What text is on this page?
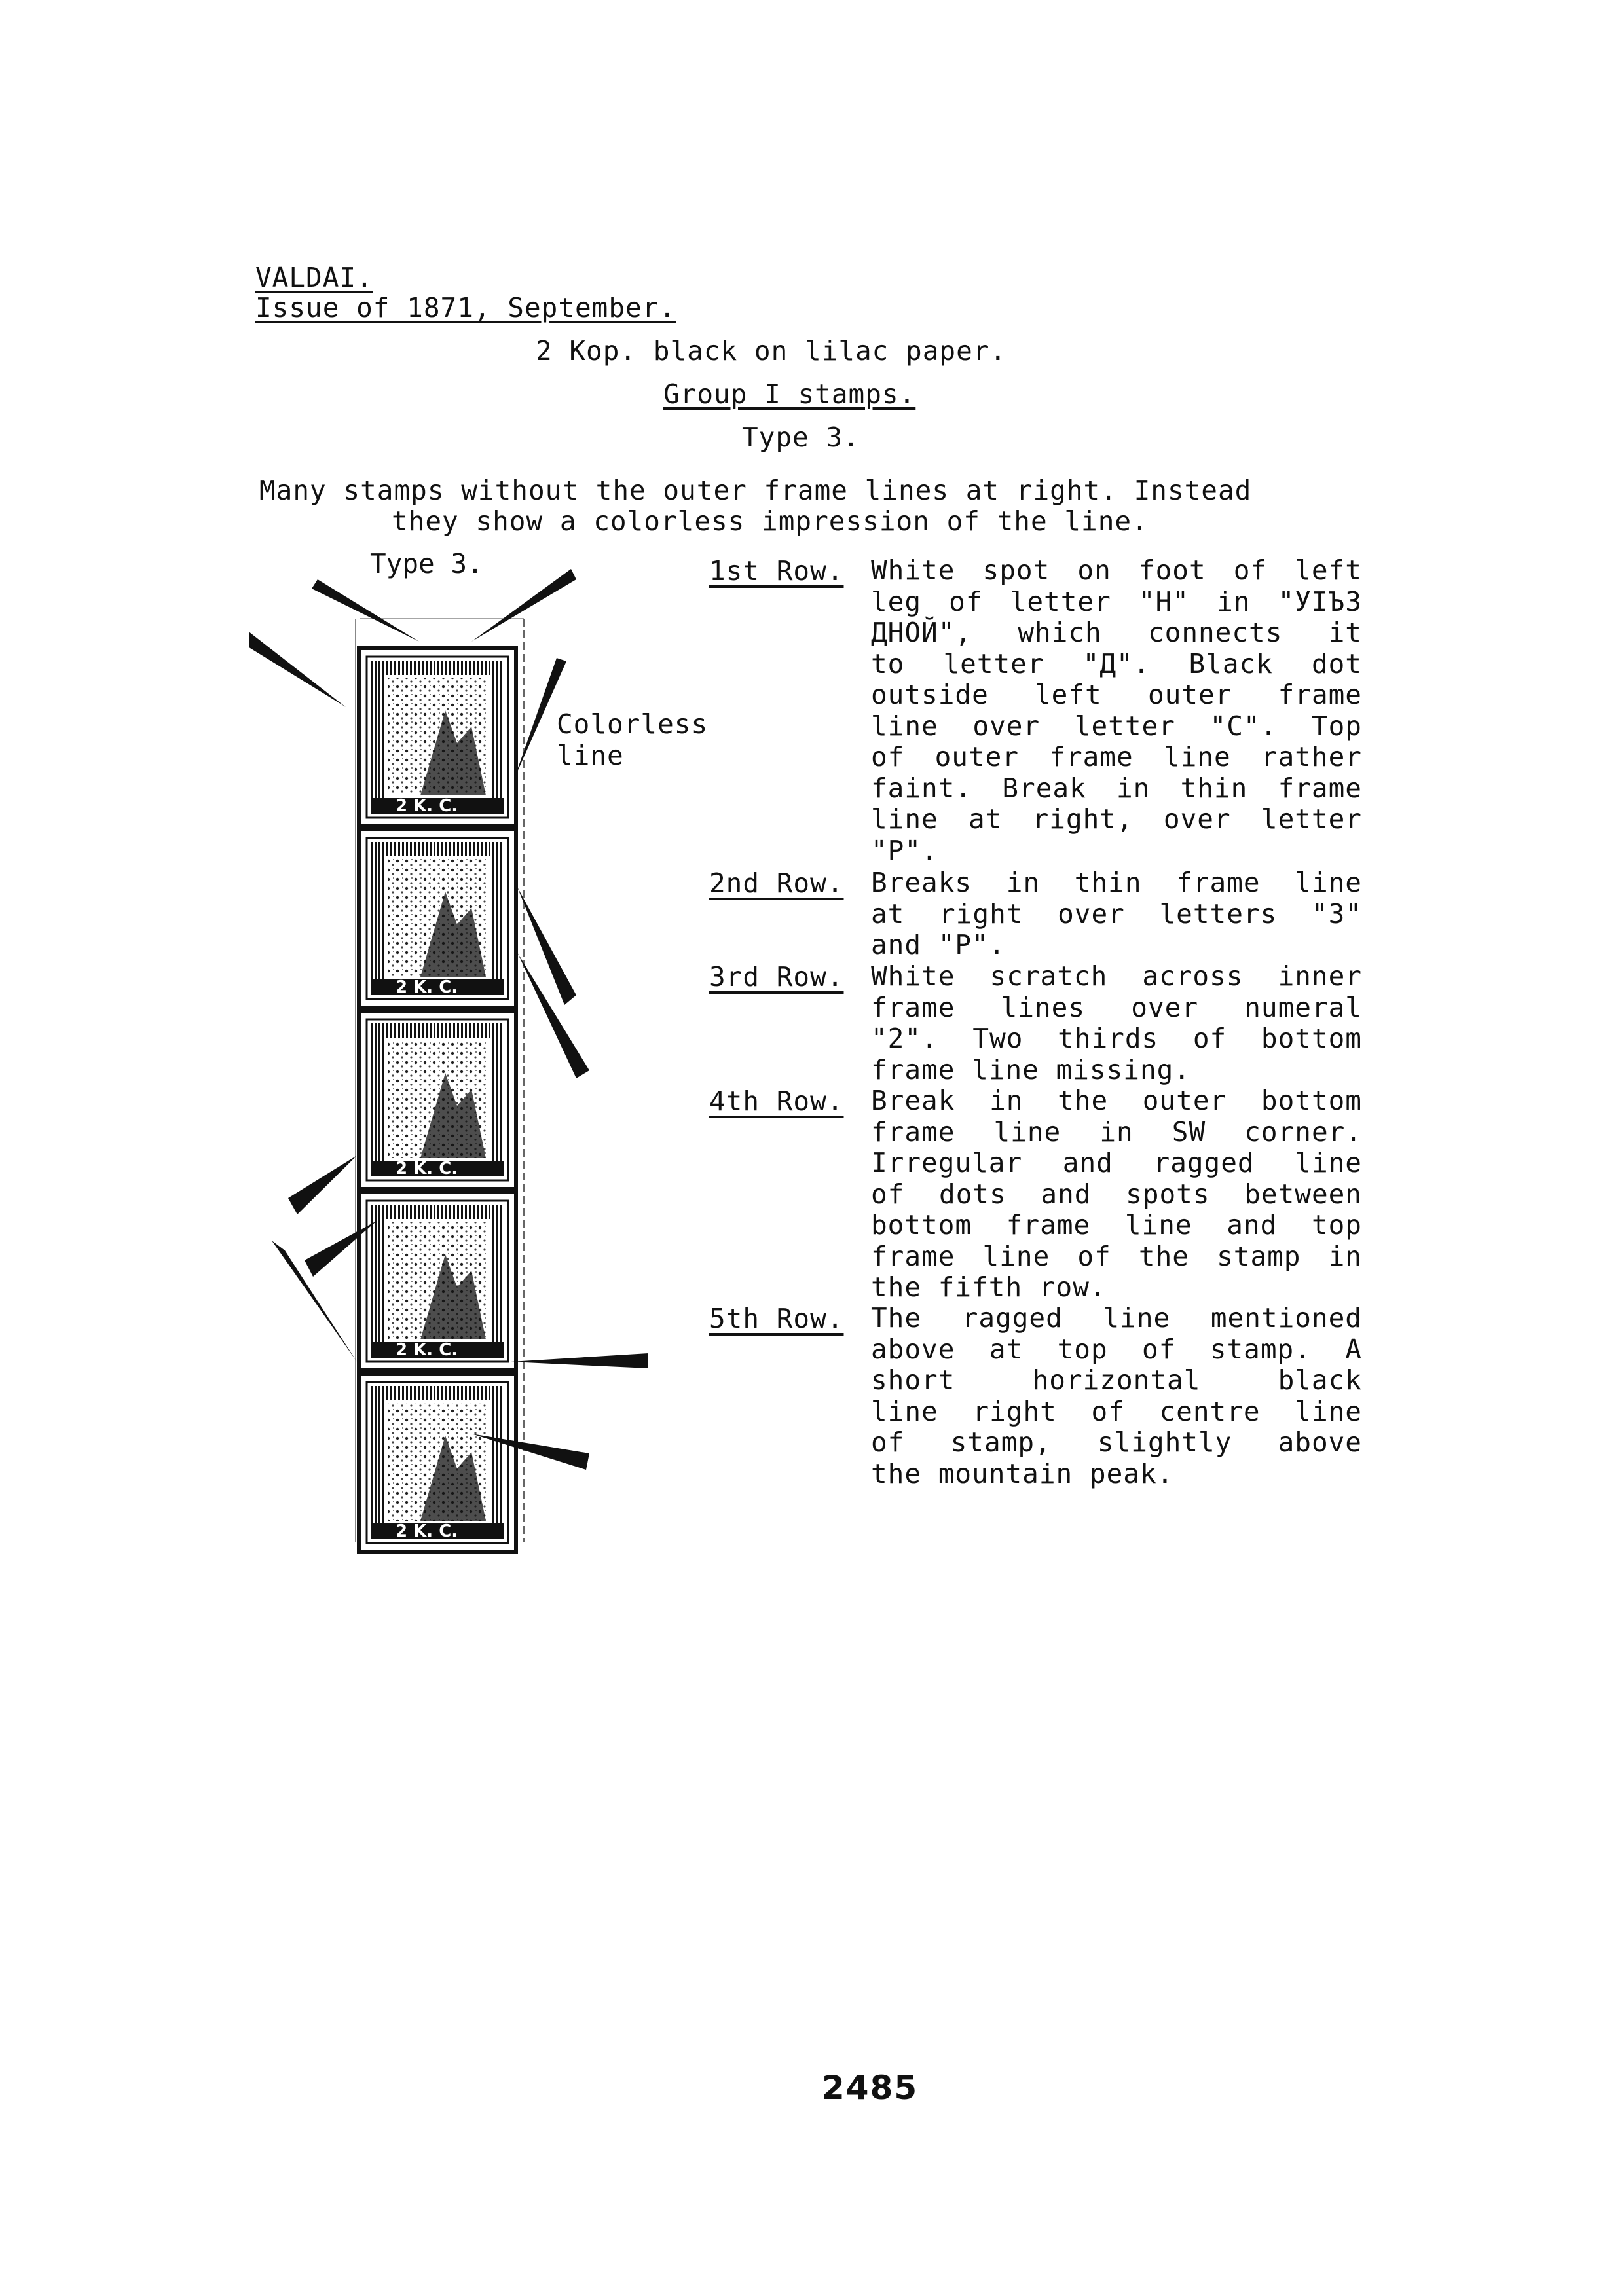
VALDAI.
Issue of 1871, September.
2 Kop. black on lilac paper.
Group I stamps.
Type 3.
Many stamps without the outer frame lines at right. Instead
they show a colorless impression of the line.
Type 3.
2 K. C.
2 K. C.
2 K. C.
2 K. C.
2 K. C.
Colorless
line
1st Row. White spot on foot of left
leg of letter "H" in "УIЪЗ
ДНОЙ", which connects it
to letter "Д". Black dot
outside left outer frame
line over letter "C". Top
of outer frame line rather
faint. Break in thin frame
line at right, over letter
"P".
2nd Row. Breaks in thin frame line
at right over letters "3"
and "P".
3rd Row. White scratch across inner
frame lines over numeral
"2". Two thirds of bottom
frame line missing.
4th Row. Break in the outer bottom
frame line in SW corner.
Irregular and ragged line
of dots and spots between
bottom frame line and top
frame line of the stamp in
the fifth row.
5th Row. The ragged line mentioned
above at top of stamp. A
short horizontal black
line right of centre line
of stamp, slightly above
the mountain peak.
2485
